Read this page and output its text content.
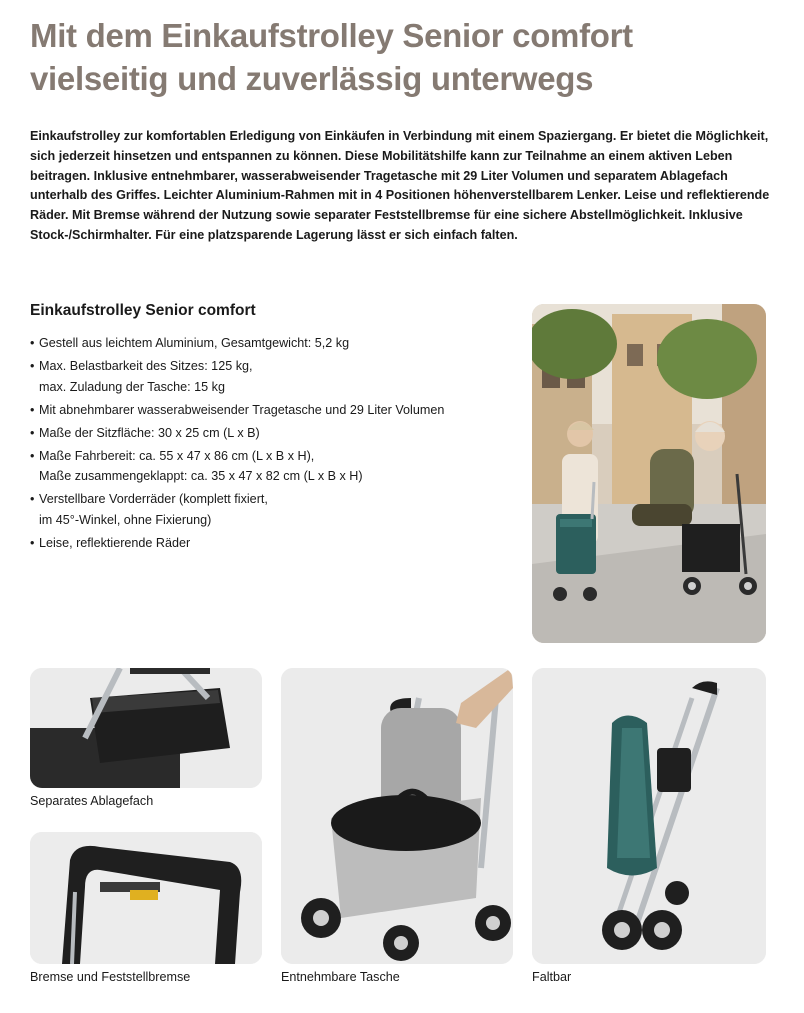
Mit dem Einkaufstrolley Senior comfort
vielseitig und zuverlässig unterwegs

Einkaufstrolley zur komfortablen Erledigung von Einkäufen in Verbindung mit einem Spaziergang. Er bietet die Möglichkeit, sich jederzeit hinsetzen und entspannen zu können. Diese Mobilitätshilfe kann zur Teilnahme an einem aktiven Leben beitragen. Inklusive entnehmbarer, wasserabweisender Tragetasche mit 29 Liter Volumen und separatem Ablagefach unterhalb des Griffes. Leichter Aluminium-Rahmen mit in 4 Positionen höhenverstellbarem Lenker. Leise und reflektierende Räder. Mit Bremse während der Nutzung sowie separater Feststellbremse für eine sichere Abstellmöglichkeit. Inklusive Stock-/Schirmhalter. Für eine platzsparende Lagerung lässt er sich einfach falten.

Einkaufstrolley Senior comfort
• Gestell aus leichtem Aluminium, Gesamtgewicht: 5,2 kg
• Max. Belastbarkeit des Sitzes: 125 kg,
max. Zuladung der Tasche: 15 kg
• Mit abnehmbarer wasserabweisender Tragetasche und 29 Liter Volumen
• Maße der Sitzfläche: 30 x 25 cm (L x B)
• Maße Fahrbereit: ca. 55 x 47 x 86 cm (L x B x H),
Maße zusammengeklappt: ca. 35 x 47 x 82 cm (L x B x H)
• Verstellbare Vorderräder (komplett fixiert,
im 45°-Winkel, ohne Fixierung)
• Leise, reflektierende Räder

Separates Ablagefach

Bremse und Feststellbremse	Entnehmbare Tasche	Faltbar
